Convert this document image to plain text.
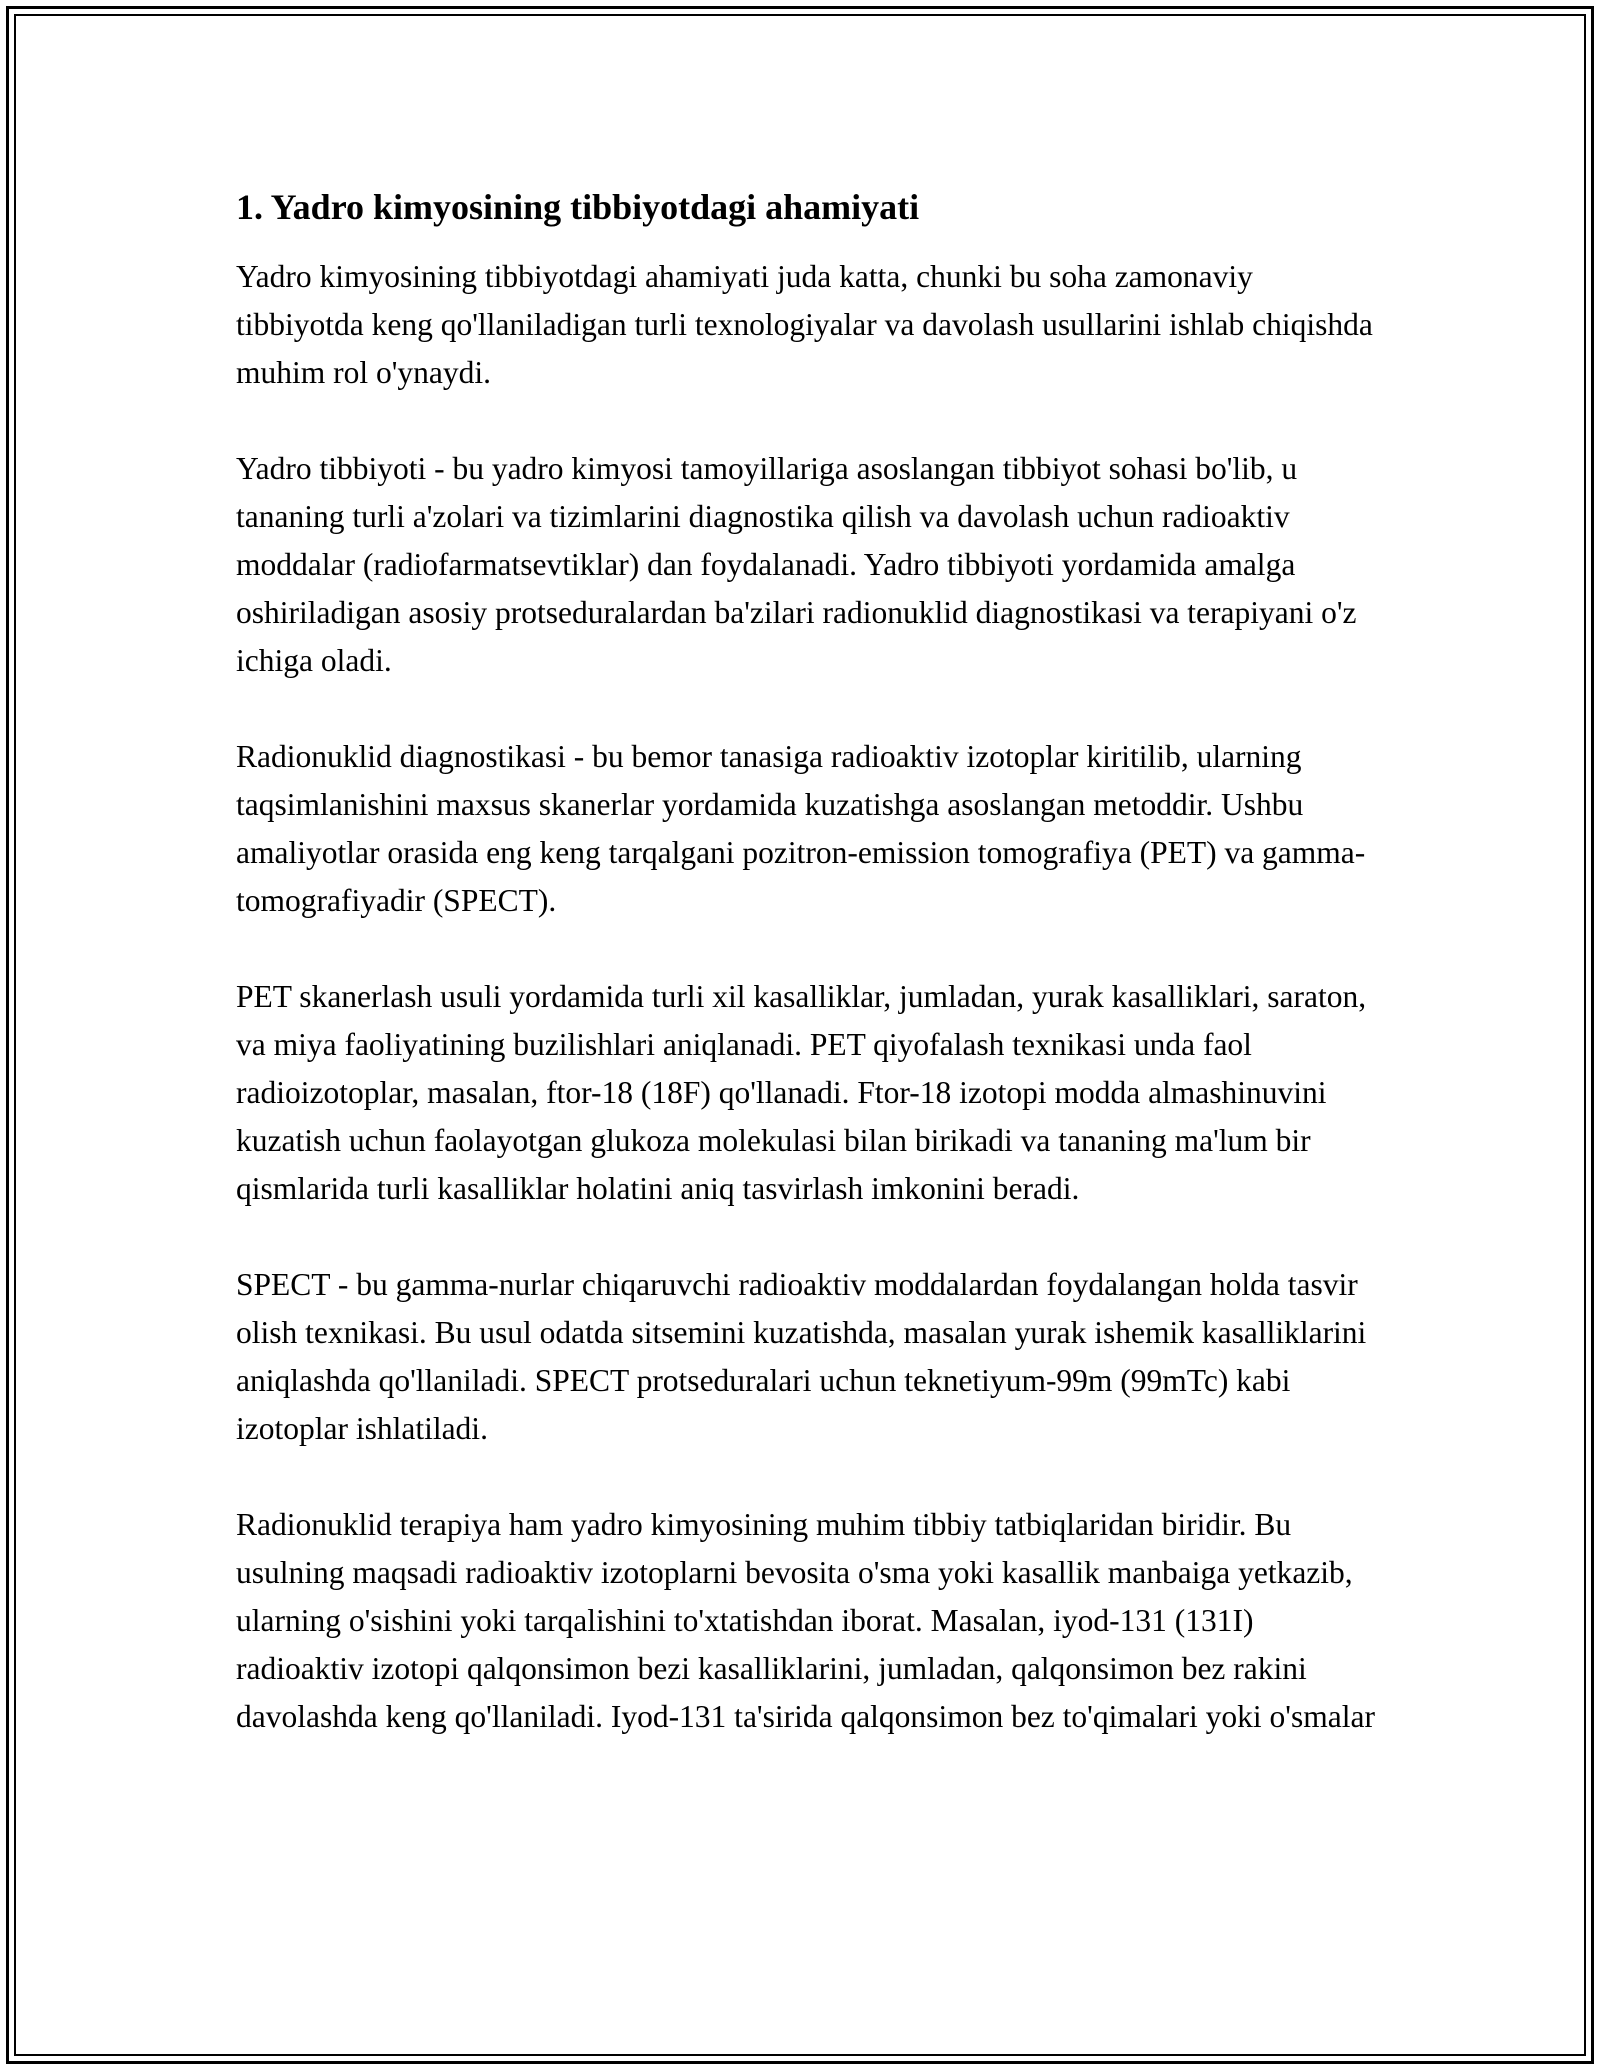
1. Yadro kimyosining tibbiyotdagi ahamiyati

Yadro kimyosining tibbiyotdagi ahamiyati juda katta, chunki bu soha zamonaviy tibbiyotda keng qo'llaniladigan turli texnologiyalar va davolash usullarini ishlab chiqishda muhim rol o'ynaydi.

Yadro tibbiyoti - bu yadro kimyosi tamoyillariga asoslangan tibbiyot sohasi bo'lib, u tananing turli a'zolari va tizimlarini diagnostika qilish va davolash uchun radioaktiv moddalar (radiofarmatsevtiklar) dan foydalanadi. Yadro tibbiyoti yordamida amalga oshiriladigan asosiy protseduralardan ba'zilari radionuklid diagnostikasi va terapiyani o'z ichiga oladi.

Radionuklid diagnostikasi - bu bemor tanasiga radioaktiv izotoplar kiritilib, ularning taqsimlanishini maxsus skanerlar yordamida kuzatishga asoslangan metoddir. Ushbu amaliyotlar orasida eng keng tarqalgani pozitron-emission tomografiya (PET) va gamma-tomografiyadir (SPECT).

PET skanerlash usuli yordamida turli xil kasalliklar, jumladan, yurak kasalliklari, saraton, va miya faoliyatining buzilishlari aniqlanadi. PET qiyofalash texnikasi unda faol radioizotoplar, masalan, ftor-18 (18F) qo'llanadi. Ftor-18 izotopi modda almashinuvini kuzatish uchun faolayotgan glukoza molekulasi bilan birikadi va tananing ma'lum bir qismlarida turli kasalliklar holatini aniq tasvirlash imkonini beradi.

SPECT - bu gamma-nurlar chiqaruvchi radioaktiv moddalardan foydalangan holda tasvir olish texnikasi. Bu usul odatda sitsemini kuzatishda, masalan yurak ishemik kasalliklarini aniqlashda qo'llaniladi. SPECT protseduralari uchun teknetiyum-99m (99mTc) kabi izotoplar ishlatiladi.

Radionuklid terapiya ham yadro kimyosining muhim tibbiy tatbiqlaridan biridir. Bu usulning maqsadi radioaktiv izotoplarni bevosita o'sma yoki kasallik manbaiga yetkazib, ularning o'sishini yoki tarqalishini to'xtatishdan iborat. Masalan, iyod-131 (131I) radioaktiv izotopi qalqonsimon bezi kasalliklarini, jumladan, qalqonsimon bez rakini davolashda keng qo'llaniladi. Iyod-131 ta'sirida qalqonsimon bez to'qimalari yoki o'smalar
